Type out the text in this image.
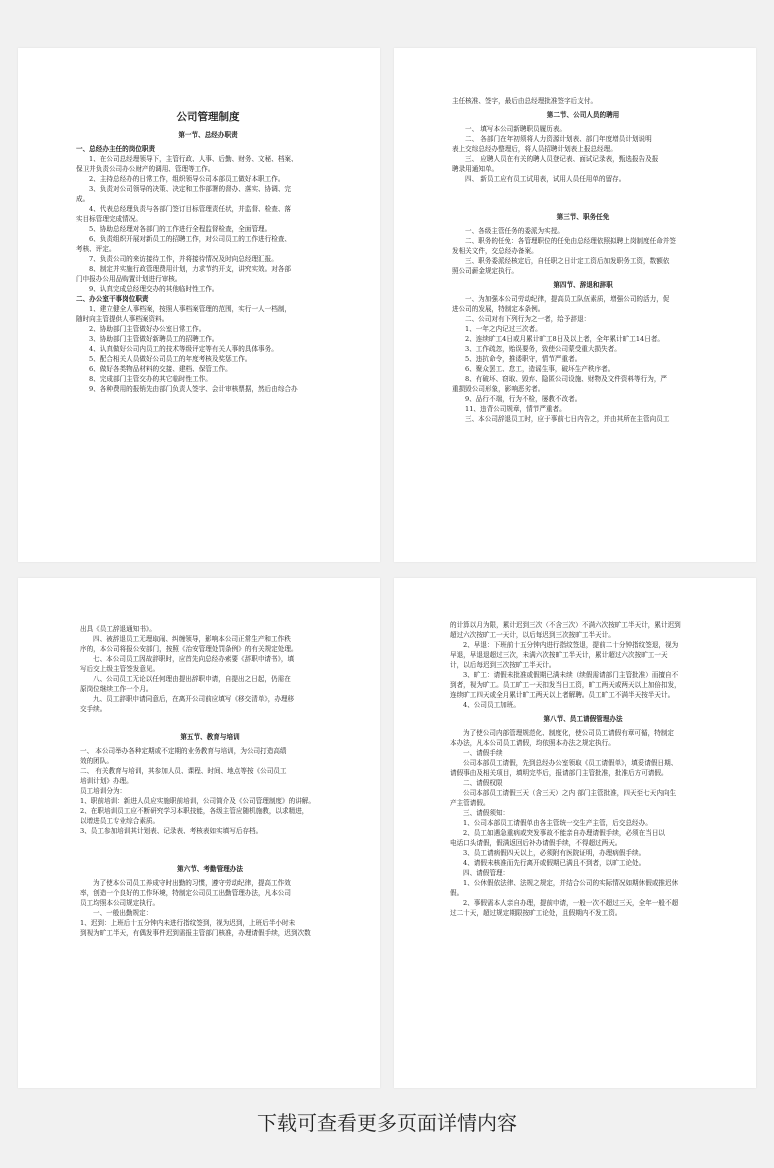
公司管理制度
第一节、总经办职责
一、总经办主任的岗位职责
1、在公司总经理领导下，主管行政、人事、后勤、财务、文秘、档案、
保卫并负责公司办公财产的调用、管理等工作。
2、主持总经办的日常工作，组织领导公司本部员工做好本职工作。
3、负责对公司领导的决策、决定和工作部署的督办、落实、协调、完
成。
4、代表总经理负责与各部门签订目标管理责任状，并监督、检查、落
实目标管理完成情况。
5、协助总经理对各部门的工作进行全程监督检查，全面管理。
6、负责组织开展对新员工的招聘工作，对公司员工的工作进行检查、
考核、评定。
7、负责公司的来访接待工作，并将接待情况及时向总经理汇报。
8、制定并实施行政管理费用计划，力求节约开支，讲究实效。对各部
门申报办公用品购置计划进行审核。
9、认真完成总经理交办的其他临时性工作。
二、办公室干事岗位职责
1、建立健全人事档案，按照人事档案管理的范围，实行一人一档制，
随时向主管提供人事档案资料。
2、协助部门主管做好办公室日常工作。
3、协助部门主管做好新聘员工的招聘工作。
4、认真做好公司内员工的技术等级评定等有关人事的具体事务。
5、配合相关人员做好公司员工的年度考核及奖惩工作。
6、做好各类物品材料的交接、建档、保管工作。
8、完成部门主管交办的其它临时性工作。
9、各种费用的报销先由部门负责人签字、会计审核票据，然后由综合办
主任核准、签字，最后由总经理批准签字后支付。
第二节、公司人员的聘用
一、 填写本公司新聘职员履历表。
二、 各部门在年初须将人力资源计划表、部门年度增员计划说明
表上交综总经办整理后，将人员招聘计划表上报总经理。
三、 应聘人员在有关的聘人员登记表、面试记录表，甄选报告及报
聘录用通知单。
四、 新员工应有员工试用表，试用人员任用单的留存。
第三节、职务任免
一、各级主管任务的委派为实授。
二、职务的任免：各管理职位的任免由总经理依照拟聘上岗制度任命并签
发相关文件，交总经办备案。
三、职务委派经核定后，自任职之日计定工资后加发职务工资，数额依
照公司薪金规定执行。
第四节、辞退和辞职
一、为加强本公司劳动纪律，提高员工队伍素质，增强公司的活力，促
进公司的发展，特制定本条例。
二、公司对有下列行为之一者，给予辞退：
1、一年之内记过三次者。
2、连续旷工4日或月累计旷工8日及以上者，全年累计旷工14日者。
3、工作疏忽，贻误要务，致使公司蒙受重大损失者。
5、违抗命令，推诿职守，情节严重者。
6、聚众罢工、怠工，造谣生事，破坏生产秩序者。
8、有破坏、窃取、毁弃、隐匿公司设施、财物及文件资料等行为，严
重损毁公司形象，影响恶劣者。
9、品行不端，行为不检，屡教不改者。
11、违背公司规章，情节严重者。
三、本公司辞退员工时，应于事前七日内告之，并由其所在主管向员工
出具《员工辞退通知书》。
四、被辞退员工无理取闹、纠缠领导，影响本公司正常生产和工作秩
序的，本公司将报公安部门，按照《治安管理处罚条例》的有关规定处理。
七、本公司员工因故辞职时，应首先向总经办索要《辞职申请书》，填
写后交上级主管签发意见。
八、公司员工无论以任何理由提出辞职申请，自提出之日起，仍需在
原岗位继续工作一个月。
九、员工辞职申请同意后，在离开公司前应填写《移交清单》，办理移
交手续。
第五节、教育与培训
一、 本公司举办各种定期或不定期的业务教育与培训，为公司打造高绩
效的团队。
二、 有关教育与培训，其参加人员、课程、时间、地点等按《公司员工
培训计划》办理。
员工培训分为：
1、职前培训：新进人员应实施职前培训，公司简介及《公司管理制度》的讲解。
2、在职培训员工应不断研究学习本职技能，各级主管应随机施教，以求精进，
以增进员工专业综合素质。
3、员工参加培训其计划表、记录表、考核表如实填写后存档。
第六节、考勤管理办法
为了使本公司员工养成守时出勤的习惯，遵守劳动纪律，提高工作效
率，创造一个良好的工作环境，特制定公司员工出勤管理办法，凡本公司
员工均照本公司规定执行。
一、一般出勤规定：
1、迟到：上班后十五分钟内未进行指纹签到，视为迟到，上班后半小时未
到视为旷工半天，有偶发事件迟到需报主管部门核准，办理请假手续，迟到次数
的计算以月为限，累计迟到三次（不含三次）不满六次按旷工半天计，累计迟到
超过六次按旷工一天计，以后每迟到三次按旷工半天计。
2、早退：下班前十五分钟内进行指纹签退，提前二十分钟指纹签退，视为
早退，早退退超过三次，未满六次按旷工半天计，累计超过六次按旷工一天
计，以后每迟到三次按旷工半天计。
3、旷工：请假未批准或假期已满未续（续假需请部门主管批准）而擅自不
到者，视为旷工。员工旷工一天扣发当日工资，旷工两天或两天以上加倍扣发，
连续旷工四天或全月累计旷工两天以上者解聘。员工旷工不满半天按半天计。
4、公司员工加班。
第八节、员工请假管理办法
为了使公司内部管理规范化、制度化，使公司员工请假有章可循，特制定
本办法，凡本公司员工请假，均依照本办法之规定执行。
一、请假手续
公司本部员工请假，先到总经办公室领取《员工请假单》，填妥请假日期、
请假事由及相关项目，填明完毕后，报请部门主管批准，批准后方可请假。
二、请假权限
公司本部员工请假三天（含三天）之内 部门主管批准，四天至七天内向生
产主管请假。
三、请假须知：
1、公司本部员工请假单由各主管统一交生产主管，后交总经办。
2、员工如遇急重病或突发事故不能亲自办理请假手续，必须在当日以
电话口头请假，假满返回后补办请假手续，不得超过两天。
3、员工请病假四天以上，必须附有医院证明，办理病假手续。
4、请假未核准而先行离开或假期已满且不到者，以旷工论处。
四、请假管理：
1、公休假依法律、法规之规定，并结合公司的实际情况如期休假或推迟休
假。
2、事假需本人亲自办理，提前申请，一般一次不超过三天，全年一般不超
过二十天，超过规定期限按旷工论处，且假期内不发工资。
下载可查看更多页面详情内容
